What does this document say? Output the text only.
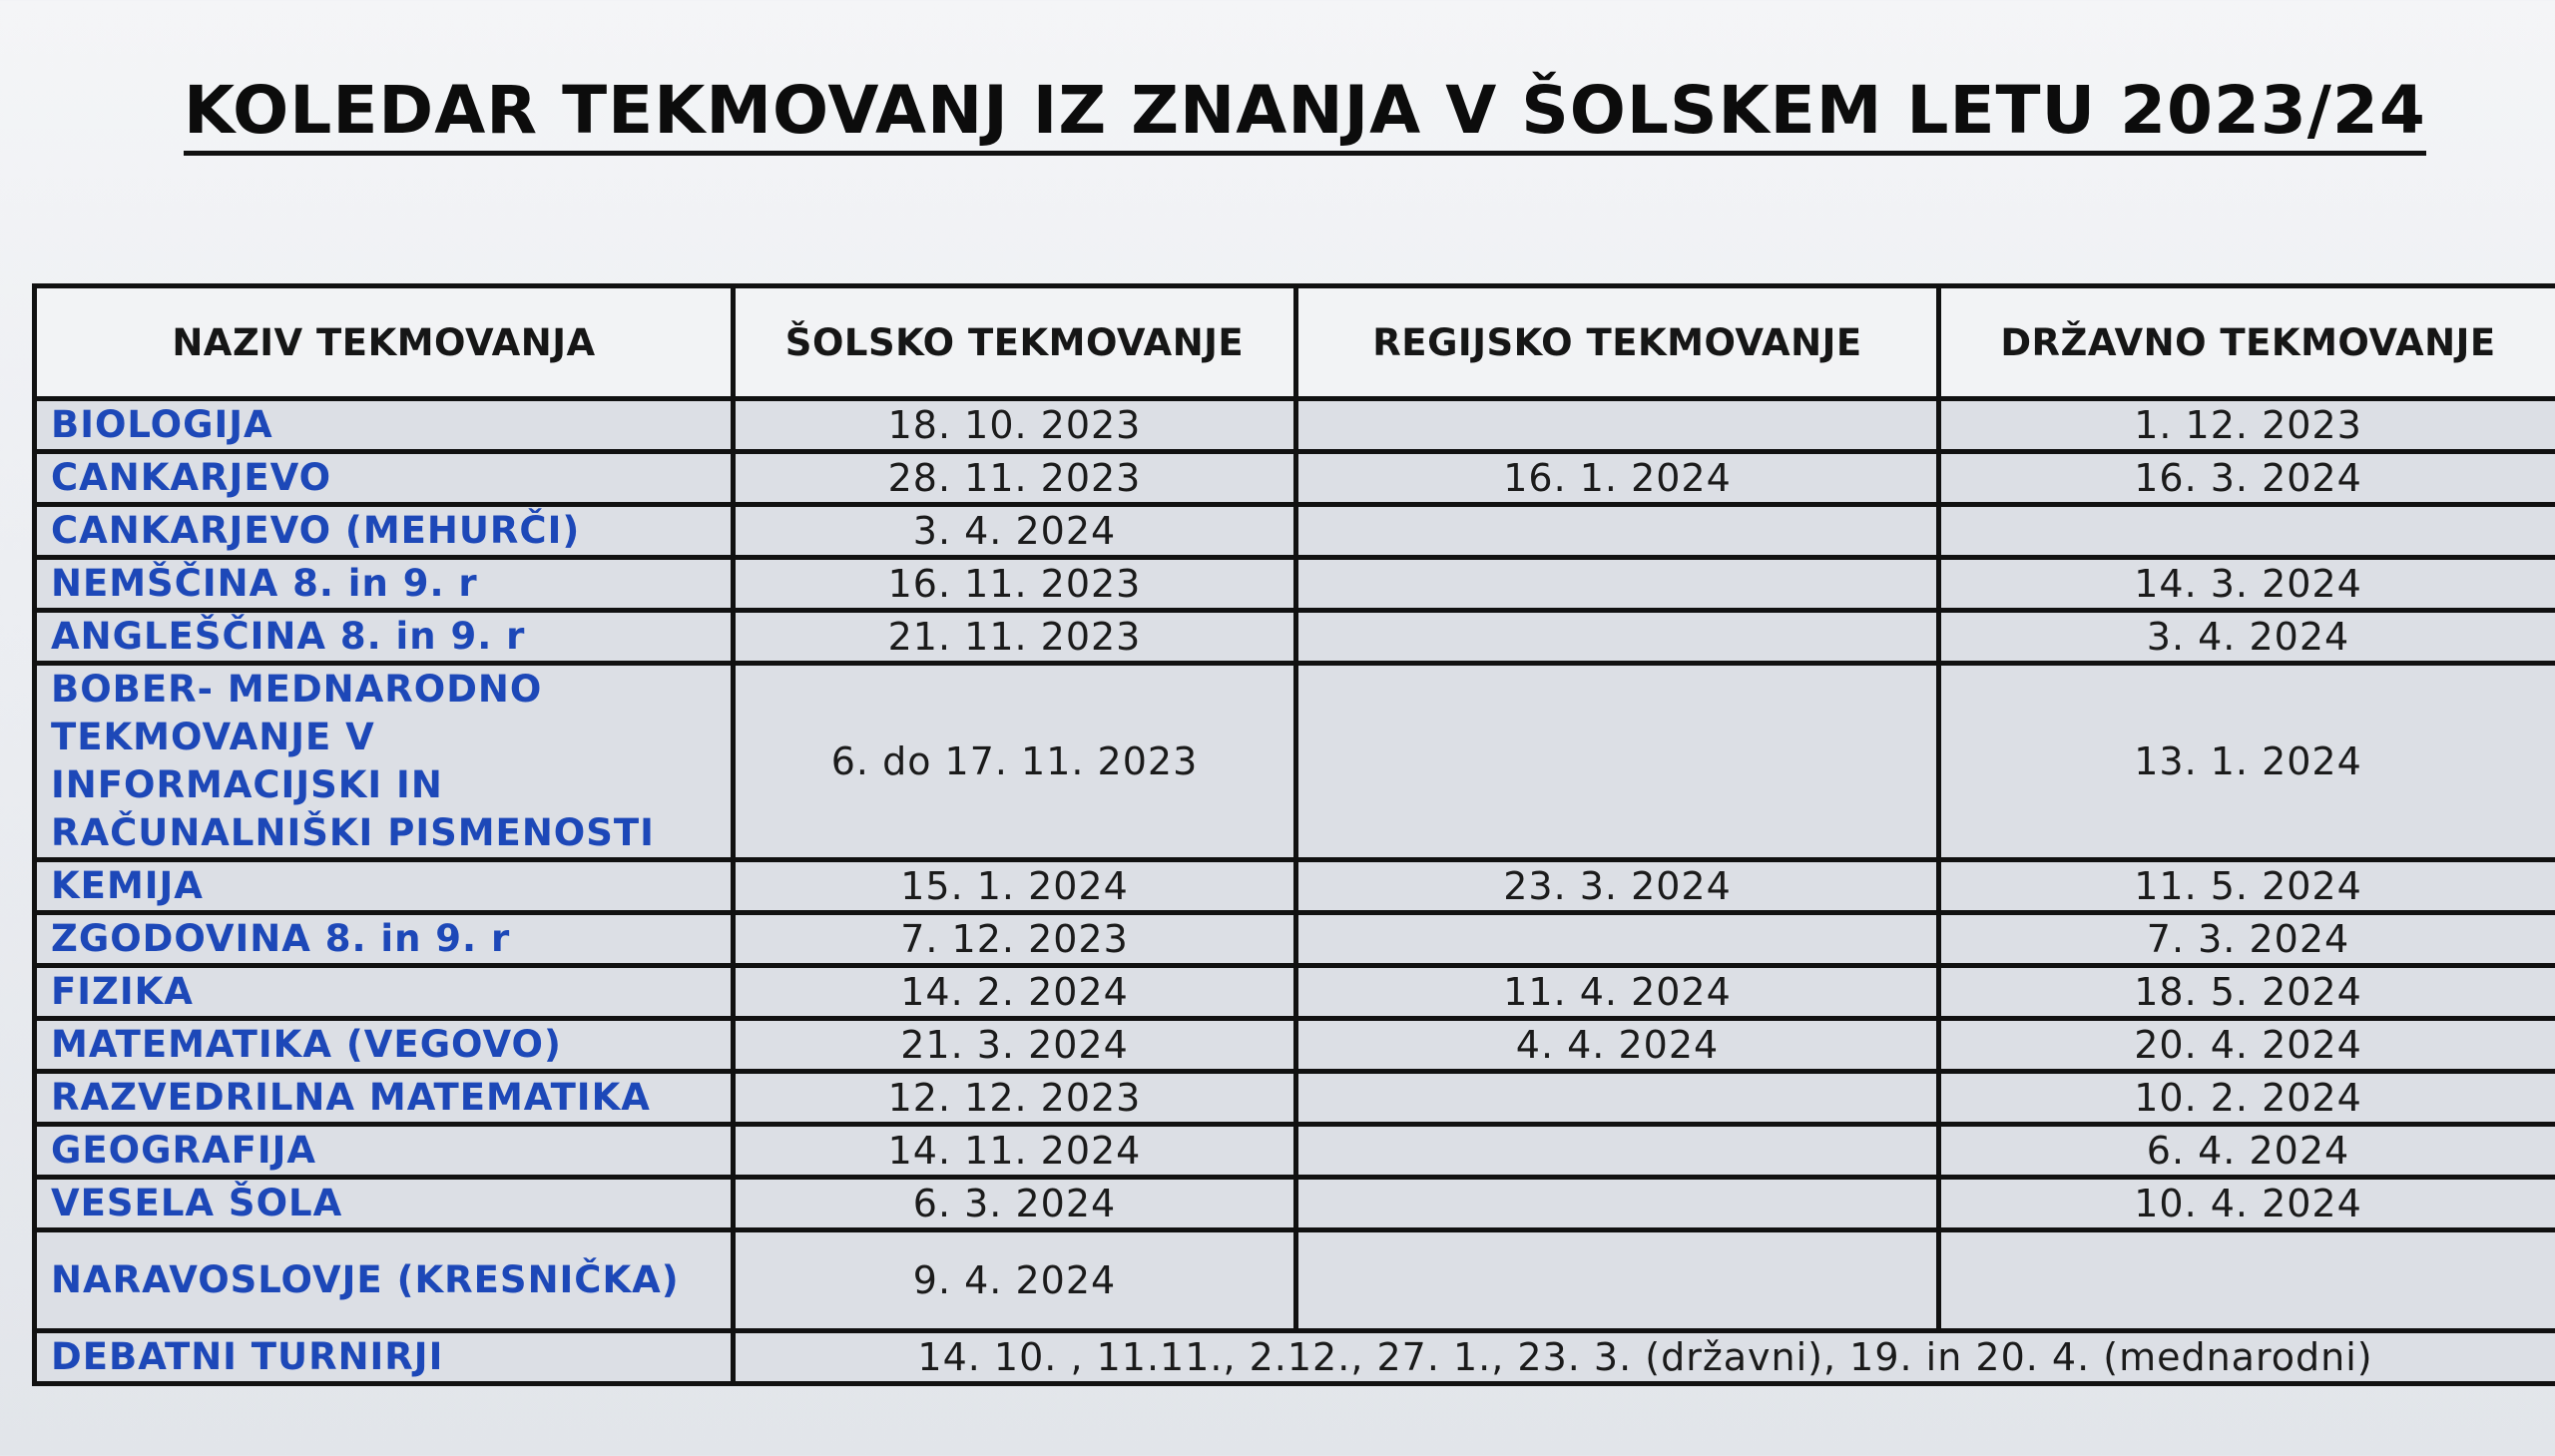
KOLEDAR TEKMOVANJ IZ ZNANJA V ŠOLSKEM LETU 2023/24
NAZIV TEKMOVANJA	ŠOLSKO TEKMOVANJE	REGIJSKO TEKMOVANJE	DRŽAVNO TEKMOVANJE
BIOLOGIJA	18. 10. 2023		1. 12. 2023
CANKARJEVO	28. 11. 2023	16. 1. 2024	16. 3. 2024
CANKARJEVO (MEHURČI)	3. 4. 2024		
NEMŠČINA 8. in 9. r	16. 11. 2023		14. 3. 2024
ANGLEŠČINA 8. in 9. r	21. 11. 2023		3. 4. 2024
BOBER- MEDNARODNO TEKMOVANJE V INFORMACIJSKI IN RAČUNALNIŠKI PISMENOSTI	6. do 17. 11. 2023		13. 1. 2024
KEMIJA	15. 1. 2024	23. 3. 2024	11. 5. 2024
ZGODOVINA 8. in 9. r	7. 12. 2023		7. 3. 2024
FIZIKA	14. 2. 2024	11. 4. 2024	18. 5. 2024
MATEMATIKA (VEGOVO)	21. 3. 2024	4. 4. 2024	20. 4. 2024
RAZVEDRILNA MATEMATIKA	12. 12. 2023		10. 2. 2024
GEOGRAFIJA	14. 11. 2024		6. 4. 2024
VESELA ŠOLA	6. 3. 2024		10. 4. 2024
NARAVOSLOVJE (KRESNIČKA)	9. 4. 2024		
DEBATNI TURNIRJI	14. 10. , 11.11., 2.12., 27. 1., 23. 3. (državni), 19. in 20. 4. (mednarodni)		
